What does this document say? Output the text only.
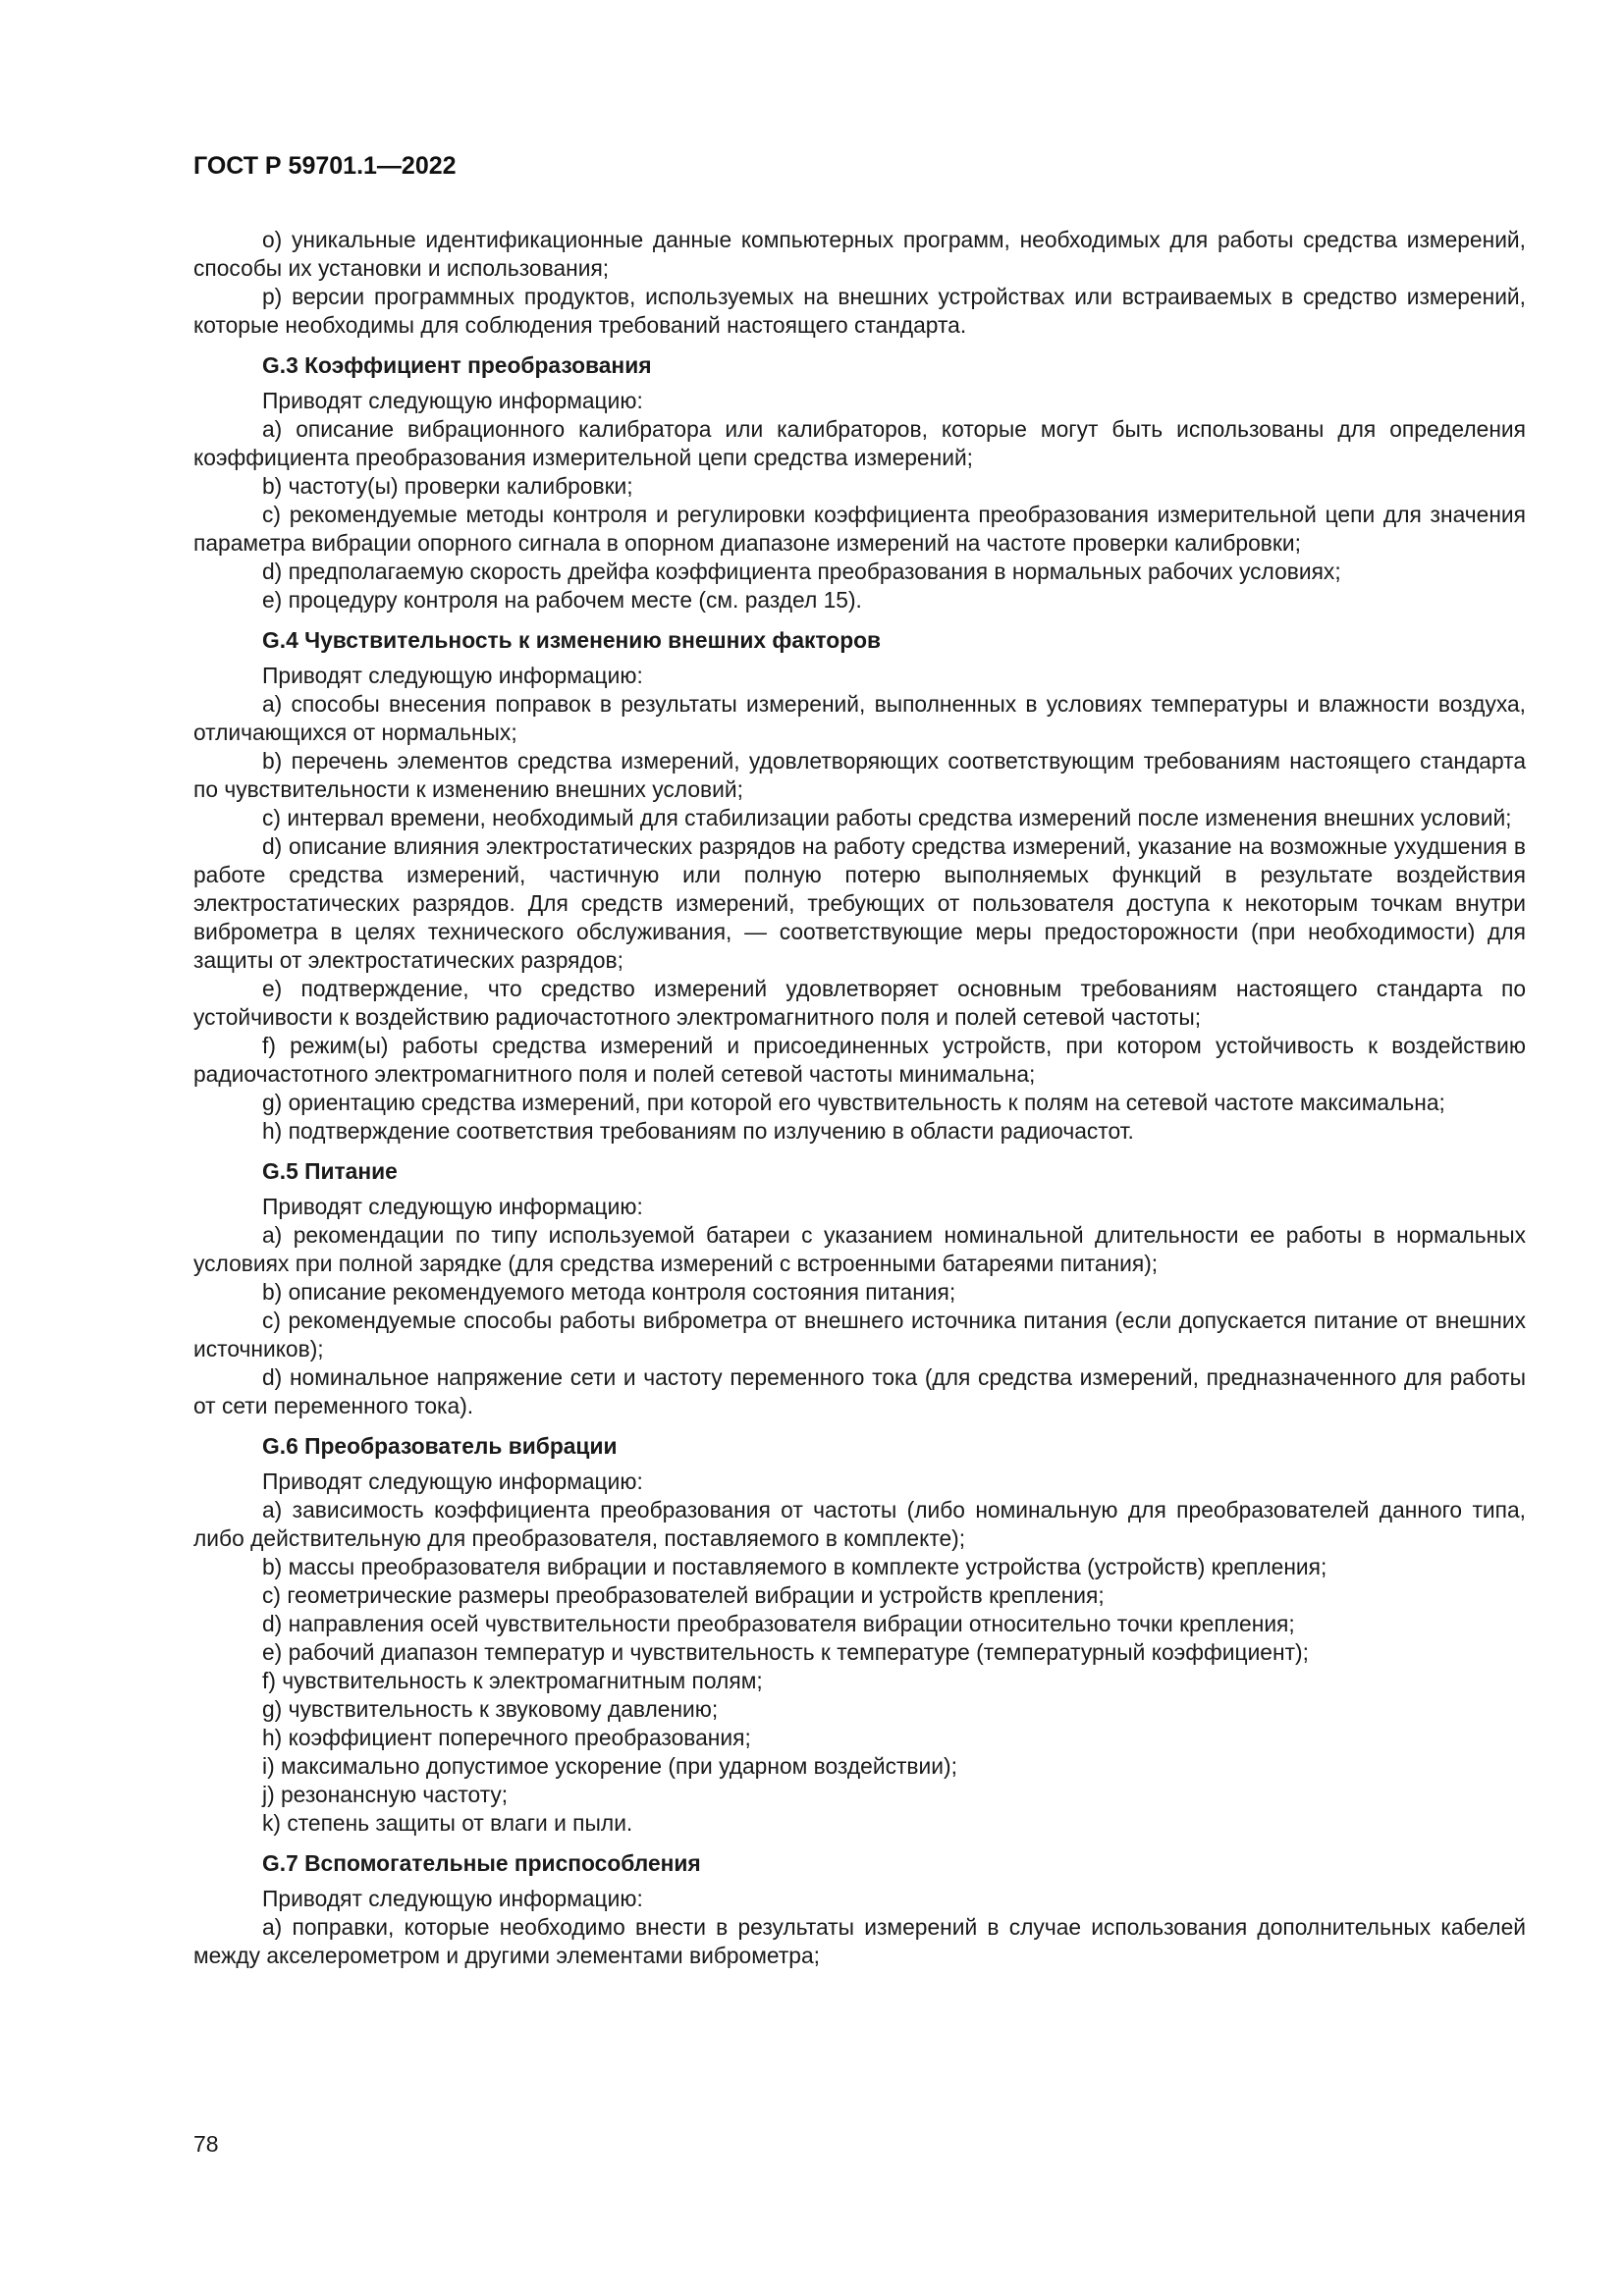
ГОСТ Р 59701.1—2022

o) уникальные идентификационные данные компьютерных программ, необходимых для работы средства измерений, способы их установки и использования;

p) версии программных продуктов, используемых на внешних устройствах или встраиваемых в средство измерений, которые необходимы для соблюдения требований настоящего стандарта.

G.3 Коэффициент преобразования

Приводят следующую информацию:

a) описание вибрационного калибратора или калибраторов, которые могут быть использованы для определения коэффициента преобразования измерительной цепи средства измерений;

b) частоту(ы) проверки калибровки;

c) рекомендуемые методы контроля и регулировки коэффициента преобразования измерительной цепи для значения параметра вибрации опорного сигнала в опорном диапазоне измерений на частоте проверки калибровки;

d) предполагаемую скорость дрейфа коэффициента преобразования в нормальных рабочих условиях;

e) процедуру контроля на рабочем месте (см. раздел 15).

G.4 Чувствительность к изменению внешних факторов

Приводят следующую информацию:

a) способы внесения поправок в результаты измерений, выполненных в условиях температуры и влажности воздуха, отличающихся от нормальных;

b) перечень элементов средства измерений, удовлетворяющих соответствующим требованиям настоящего стандарта по чувствительности к изменению внешних условий;

c) интервал времени, необходимый для стабилизации работы средства измерений после изменения внешних условий;

d) описание влияния электростатических разрядов на работу средства измерений, указание на возможные ухудшения в работе средства измерений, частичную или полную потерю выполняемых функций в результате воздействия электростатических разрядов. Для средств измерений, требующих от пользователя доступа к некоторым точкам внутри виброметра в целях технического обслуживания, — соответствующие меры предосторожности (при необходимости) для защиты от электростатических разрядов;

e) подтверждение, что средство измерений удовлетворяет основным требованиям настоящего стандарта по устойчивости к воздействию радиочастотного электромагнитного поля и полей сетевой частоты;

f) режим(ы) работы средства измерений и присоединенных устройств, при котором устойчивость к воздействию радиочастотного электромагнитного поля и полей сетевой частоты минимальна;

g) ориентацию средства измерений, при которой его чувствительность к полям на сетевой частоте максимальна;

h) подтверждение соответствия требованиям по излучению в области радиочастот.

G.5 Питание

Приводят следующую информацию:

a) рекомендации по типу используемой батареи с указанием номинальной длительности ее работы в нормальных условиях при полной зарядке (для средства измерений с встроенными батареями питания);

b) описание рекомендуемого метода контроля состояния питания;

c) рекомендуемые способы работы виброметра от внешнего источника питания (если допускается питание от внешних источников);

d) номинальное напряжение сети и частоту переменного тока (для средства измерений, предназначенного для работы от сети переменного тока).

G.6 Преобразователь вибрации

Приводят следующую информацию:

a) зависимость коэффициента преобразования от частоты (либо номинальную для преобразователей данного типа, либо действительную для преобразователя, поставляемого в комплекте);

b) массы преобразователя вибрации и поставляемого в комплекте устройства (устройств) крепления;

c) геометрические размеры преобразователей вибрации и устройств крепления;

d) направления осей чувствительности преобразователя вибрации относительно точки крепления;

e) рабочий диапазон температур и чувствительность к температуре (температурный коэффициент);

f) чувствительность к электромагнитным полям;

g) чувствительность к звуковому давлению;

h) коэффициент поперечного преобразования;

i) максимально допустимое ускорение (при ударном воздействии);

j) резонансную частоту;

k) степень защиты от влаги и пыли.

G.7 Вспомогательные приспособления

Приводят следующую информацию:

a) поправки, которые необходимо внести в результаты измерений в случае использования дополнительных кабелей между акселерометром и другими элементами виброметра;

78
